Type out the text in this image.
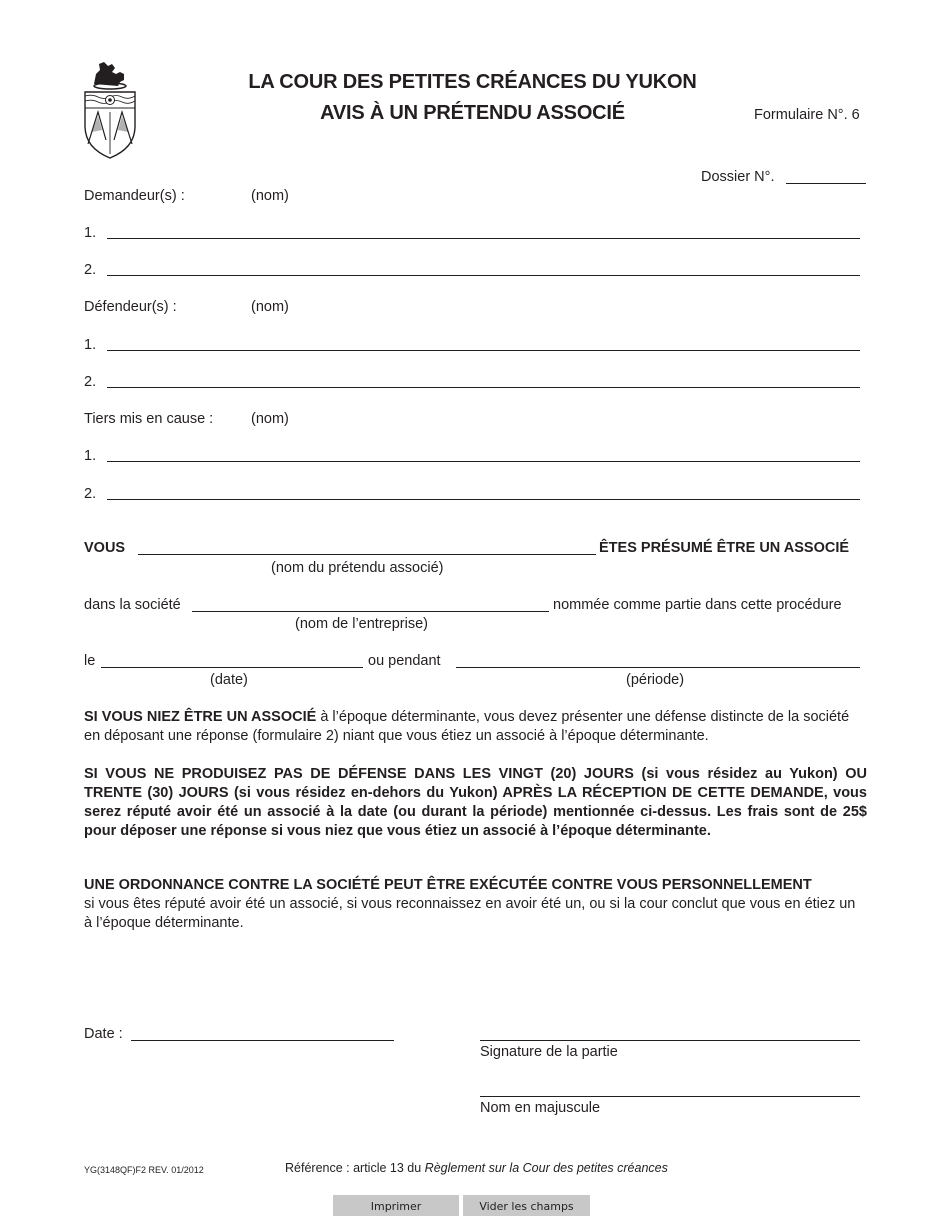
LA COUR DES PETITES CRÉANCES DU YUKON
AVIS À UN PRÉTENDU ASSOCIÉ	Formulaire N°. 6
Dossier N°.
Demandeur(s) :	(nom)
1.
2.
Défendeur(s) :	(nom)
1.
2.
Tiers mis en cause :	(nom)
1.
2.
VOUS	ÊTES PRÉSUMÉ ÊTRE UN ASSOCIÉ
(nom du prétendu associé)
dans la société	nommée comme partie dans cette procédure
(nom de l’entreprise)
le	ou pendant
(date)	(période)
SI VOUS NIEZ ÊTRE UN ASSOCIÉ à l’époque déterminante, vous devez présenter une défense distincte de la société en déposant une réponse (formulaire 2) niant que vous étiez un associé à l’époque déterminante.
SI VOUS NE PRODUISEZ PAS DE DÉFENSE DANS LES VINGT (20) JOURS (si vous résidez au Yukon) OU TRENTE (30) JOURS (si vous résidez en-dehors du Yukon) APRÈS LA RÉCEPTION DE CETTE DEMANDE, vous serez réputé avoir été un associé à la date (ou durant la période) mentionnée ci-dessus. Les frais sont de 25$ pour déposer une réponse si vous niez que vous étiez un associé à l’époque déterminante.
UNE ORDONNANCE CONTRE LA SOCIÉTÉ PEUT ÊTRE EXÉCUTÉE CONTRE VOUS PERSONNELLEMENT
si vous êtes réputé avoir été un associé, si vous reconnaissez en avoir été un, ou si la cour conclut que vous en étiez un à l’époque déterminante.
Date :
Signature de la partie
Nom en majuscule
YG(3148QF)F2 REV. 01/2012	Référence : article 13 du Règlement sur la Cour des petites créances
Imprimer	Vider les champs
